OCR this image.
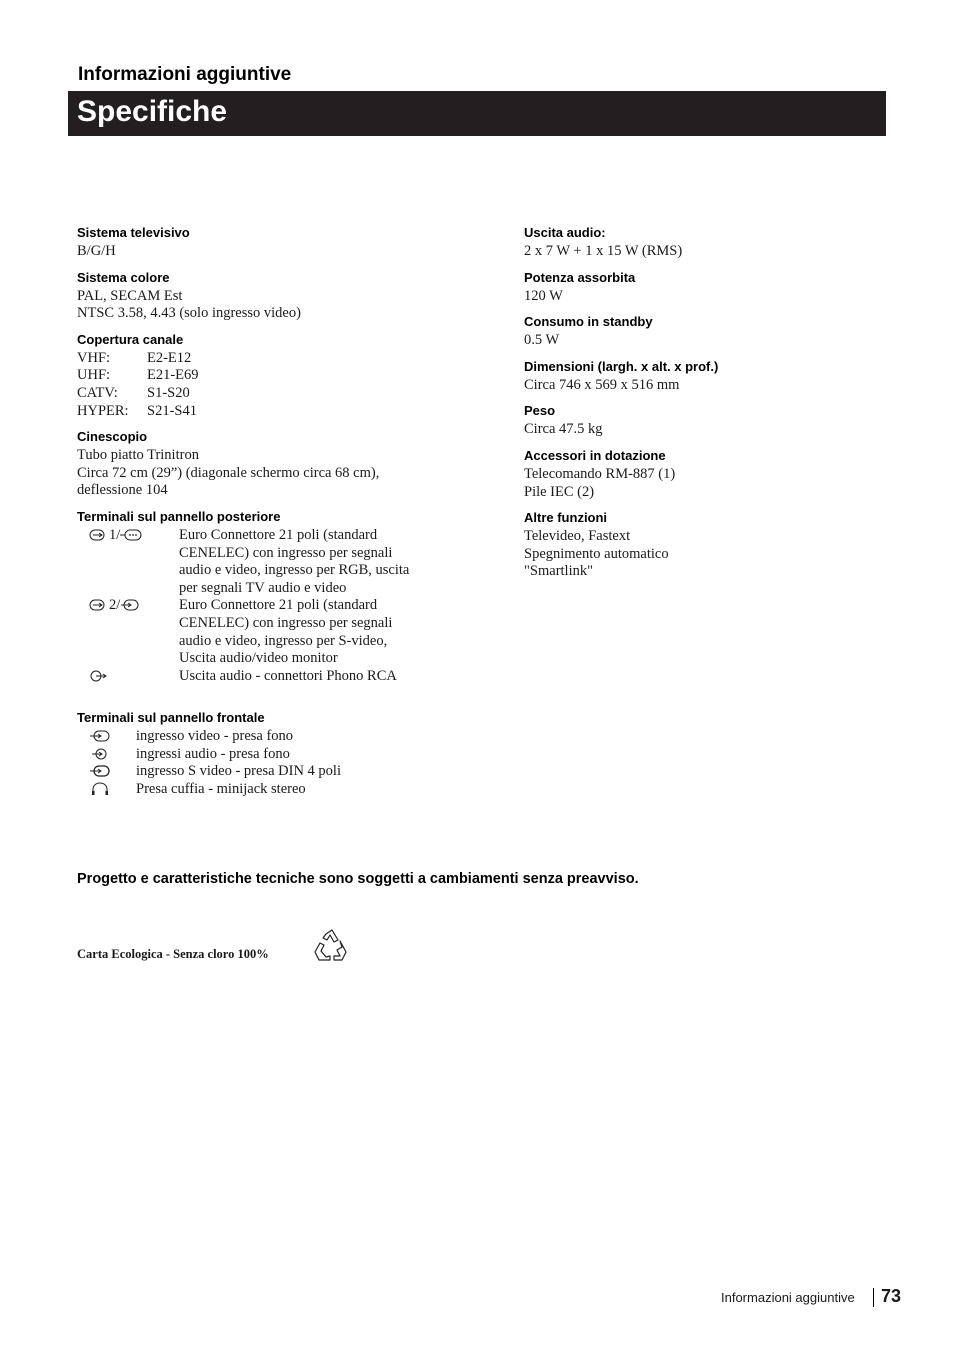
Informazioni aggiuntive
Specifiche
Sistema televisivo
B/G/H
Sistema colore
PAL, SECAM Est
NTSC 3.58, 4.43 (solo ingresso video)
Copertura canale
VHF:	E2-E12
UHF:	E21-E69
CATV:	S1-S20
HYPER:	S21-S41
Cinescopio
Tubo piatto Trinitron
Circa 72 cm (29”) (diagonale schermo circa 68 cm),
deflessione 104
Terminali sul pannello posteriore
1/	Euro Connettore 21 poli (standard
CENELEC) con ingresso per segnali
audio e video, ingresso per RGB, uscita
per segnali TV audio e video
2/	Euro Connettore 21 poli (standard
CENELEC) con ingresso per segnali
audio e video, ingresso per S-video,
Uscita audio/video monitor
Uscita audio - connettori Phono RCA
Terminali sul pannello frontale
ingresso video - presa fono
ingressi audio - presa fono
ingresso S video - presa DIN 4 poli
Presa cuffia - minijack stereo
Uscita audio:
2 x 7 W + 1 x 15 W (RMS)
Potenza assorbita
120 W
Consumo in standby
0.5 W
Dimensioni (largh. x alt. x prof.)
Circa 746 x 569 x 516 mm
Peso
Circa 47.5 kg
Accessori in dotazione
Telecomando RM-887 (1)
Pile IEC (2)
Altre funzioni
Televideo, Fastext
Spegnimento automatico
"Smartlink"
Progetto e caratteristiche tecniche sono soggetti a cambiamenti senza preavviso.
Carta Ecologica - Senza cloro 100%
Informazioni aggiuntive 73
